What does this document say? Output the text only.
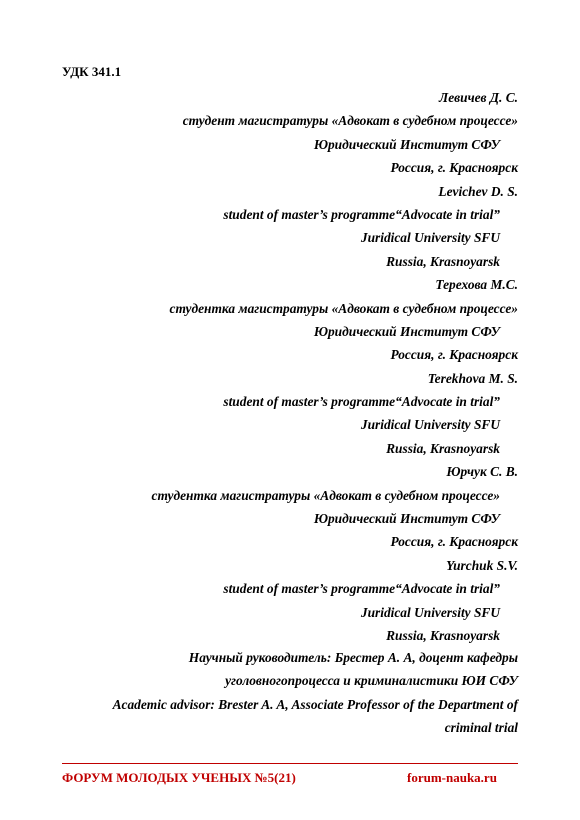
УДК 341.1
Левичев Д. С.
студент магистратуры «Адвокат в судебном процессе»
Юридический Институт СФУ
Россия, г. Красноярск
Levichev D. S.
student of master’s programme“Advocate in trial”
Juridical University SFU
Russia, Krasnoyarsk
Терехова М.С.
студентка магистратуры «Адвокат в судебном процессе»
Юридический Институт СФУ
Россия, г. Красноярск
Terekhova M. S.
student of master’s programme“Advocate in trial”
Juridical University SFU
Russia, Krasnoyarsk
Юрчук С. В.
студентка магистратуры «Адвокат в судебном процессе»
Юридический Институт СФУ
Россия, г. Красноярск
Yurchuk S.V.
student of master’s programme“Advocate in trial”
Juridical University SFU
Russia, Krasnoyarsk
Научный руководитель: Брестер А. А, доцент кафедры
уголовногопроцесса и криминалистики ЮИ СФУ
Academic advisor: Brester A. A, Associate Professor of the Department of
criminal trial
ФОРУМ МОЛОДЫХ УЧЕНЫХ №5(21)	forum-nauka.ru
